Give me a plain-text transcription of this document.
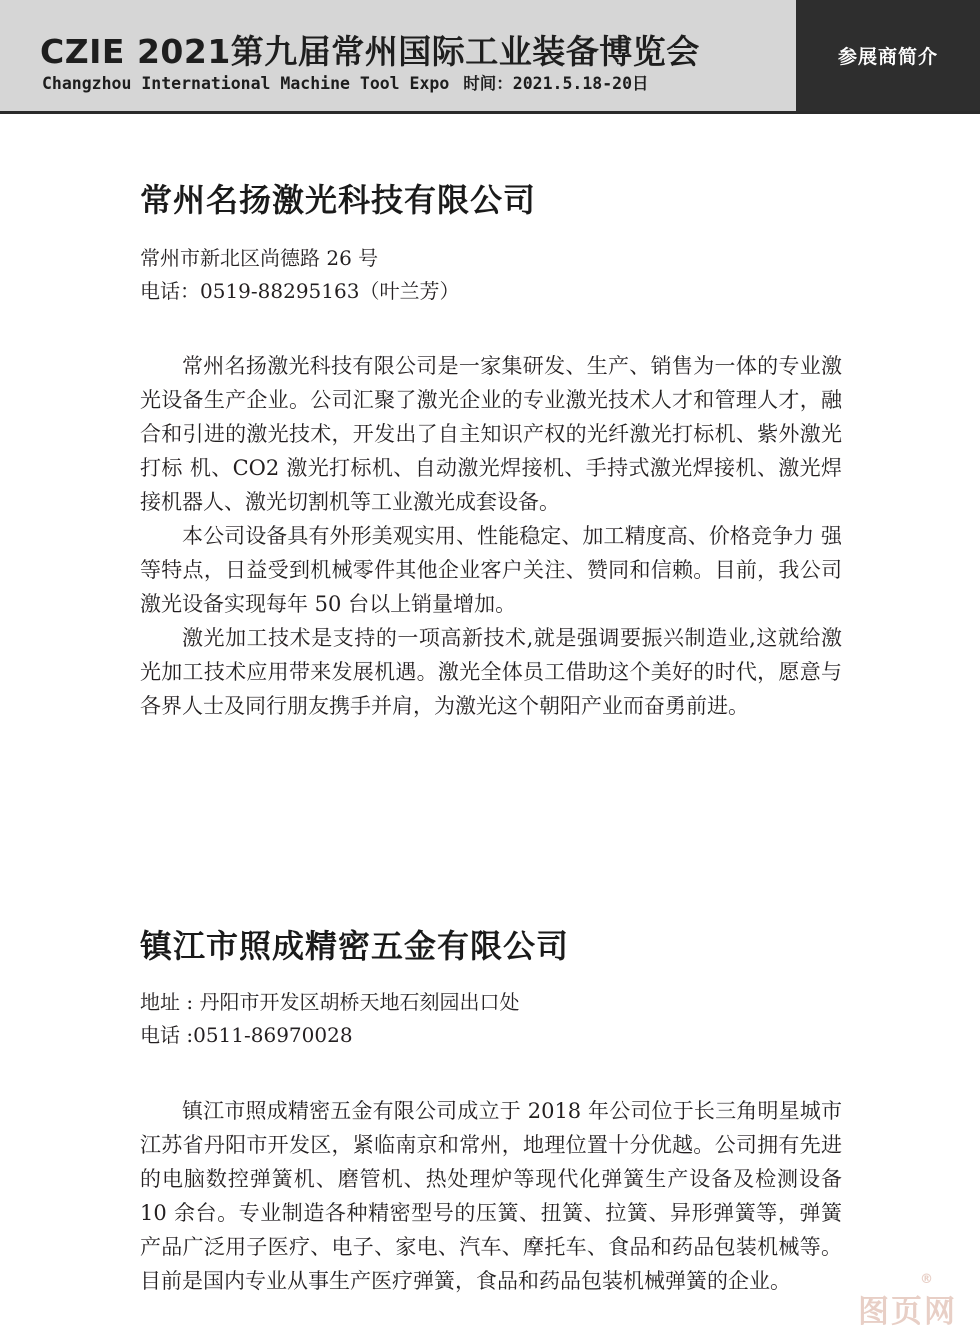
CZIE 2021第九届常州国际工业装备博览会
Changzhou International Machine Tool Expo 时间：2021.5.18-20日
参展商简介
常州名扬激光科技有限公司
常州市新北区尚德路 26 号
电话：0519-88295163（叶兰芳）

常州名扬激光科技有限公司是一家集研发、生产、销售为一体的专业激光设备生产企业。公司汇聚了激光企业的专业激光技术人才和管理人才，融合和引进的激光技术，开发出了自主知识产权的光纤激光打标机、紫外激光打标 机、CO2 激光打标机、自动激光焊接机、手持式激光焊接机、激光焊接机器人、激光切割机等工业激光成套设备。

本公司设备具有外形美观实用、性能稳定、加工精度高、价格竞争力 强等特点，日益受到机械零件其他企业客户关注、赞同和信赖。目前，我公司激光设备实现每年 50 台以上销量增加。

激光加工技术是支持的一项高新技术,就是强调要振兴制造业,这就给激光加工技术应用带来发展机遇。激光全体员工借助这个美好的时代，愿意与各界人士及同行朋友携手并肩，为激光这个朝阳产业而奋勇前进。

镇江市照成精密五金有限公司
地址 : 丹阳市开发区胡桥天地石刻园出口处
电话 :0511-86970028

镇江市照成精密五金有限公司成立于 2018 年公司位于长三角明星城市江苏省丹阳市开发区，紧临南京和常州，地理位置十分优越。公司拥有先进的电脑数控弹簧机、磨管机、热处理炉等现代化弹簧生产设备及检测设备 10 余台。专业制造各种精密型号的压簧、扭簧、拉簧、异形弹簧等，弹簧产品广泛用子医疗、电子、家电、汽车、摩托车、食品和药品包装机械等。目前是国内专业从事生产医疗弹簧，食品和药品包装机械弹簧的企业。

图页网
®
